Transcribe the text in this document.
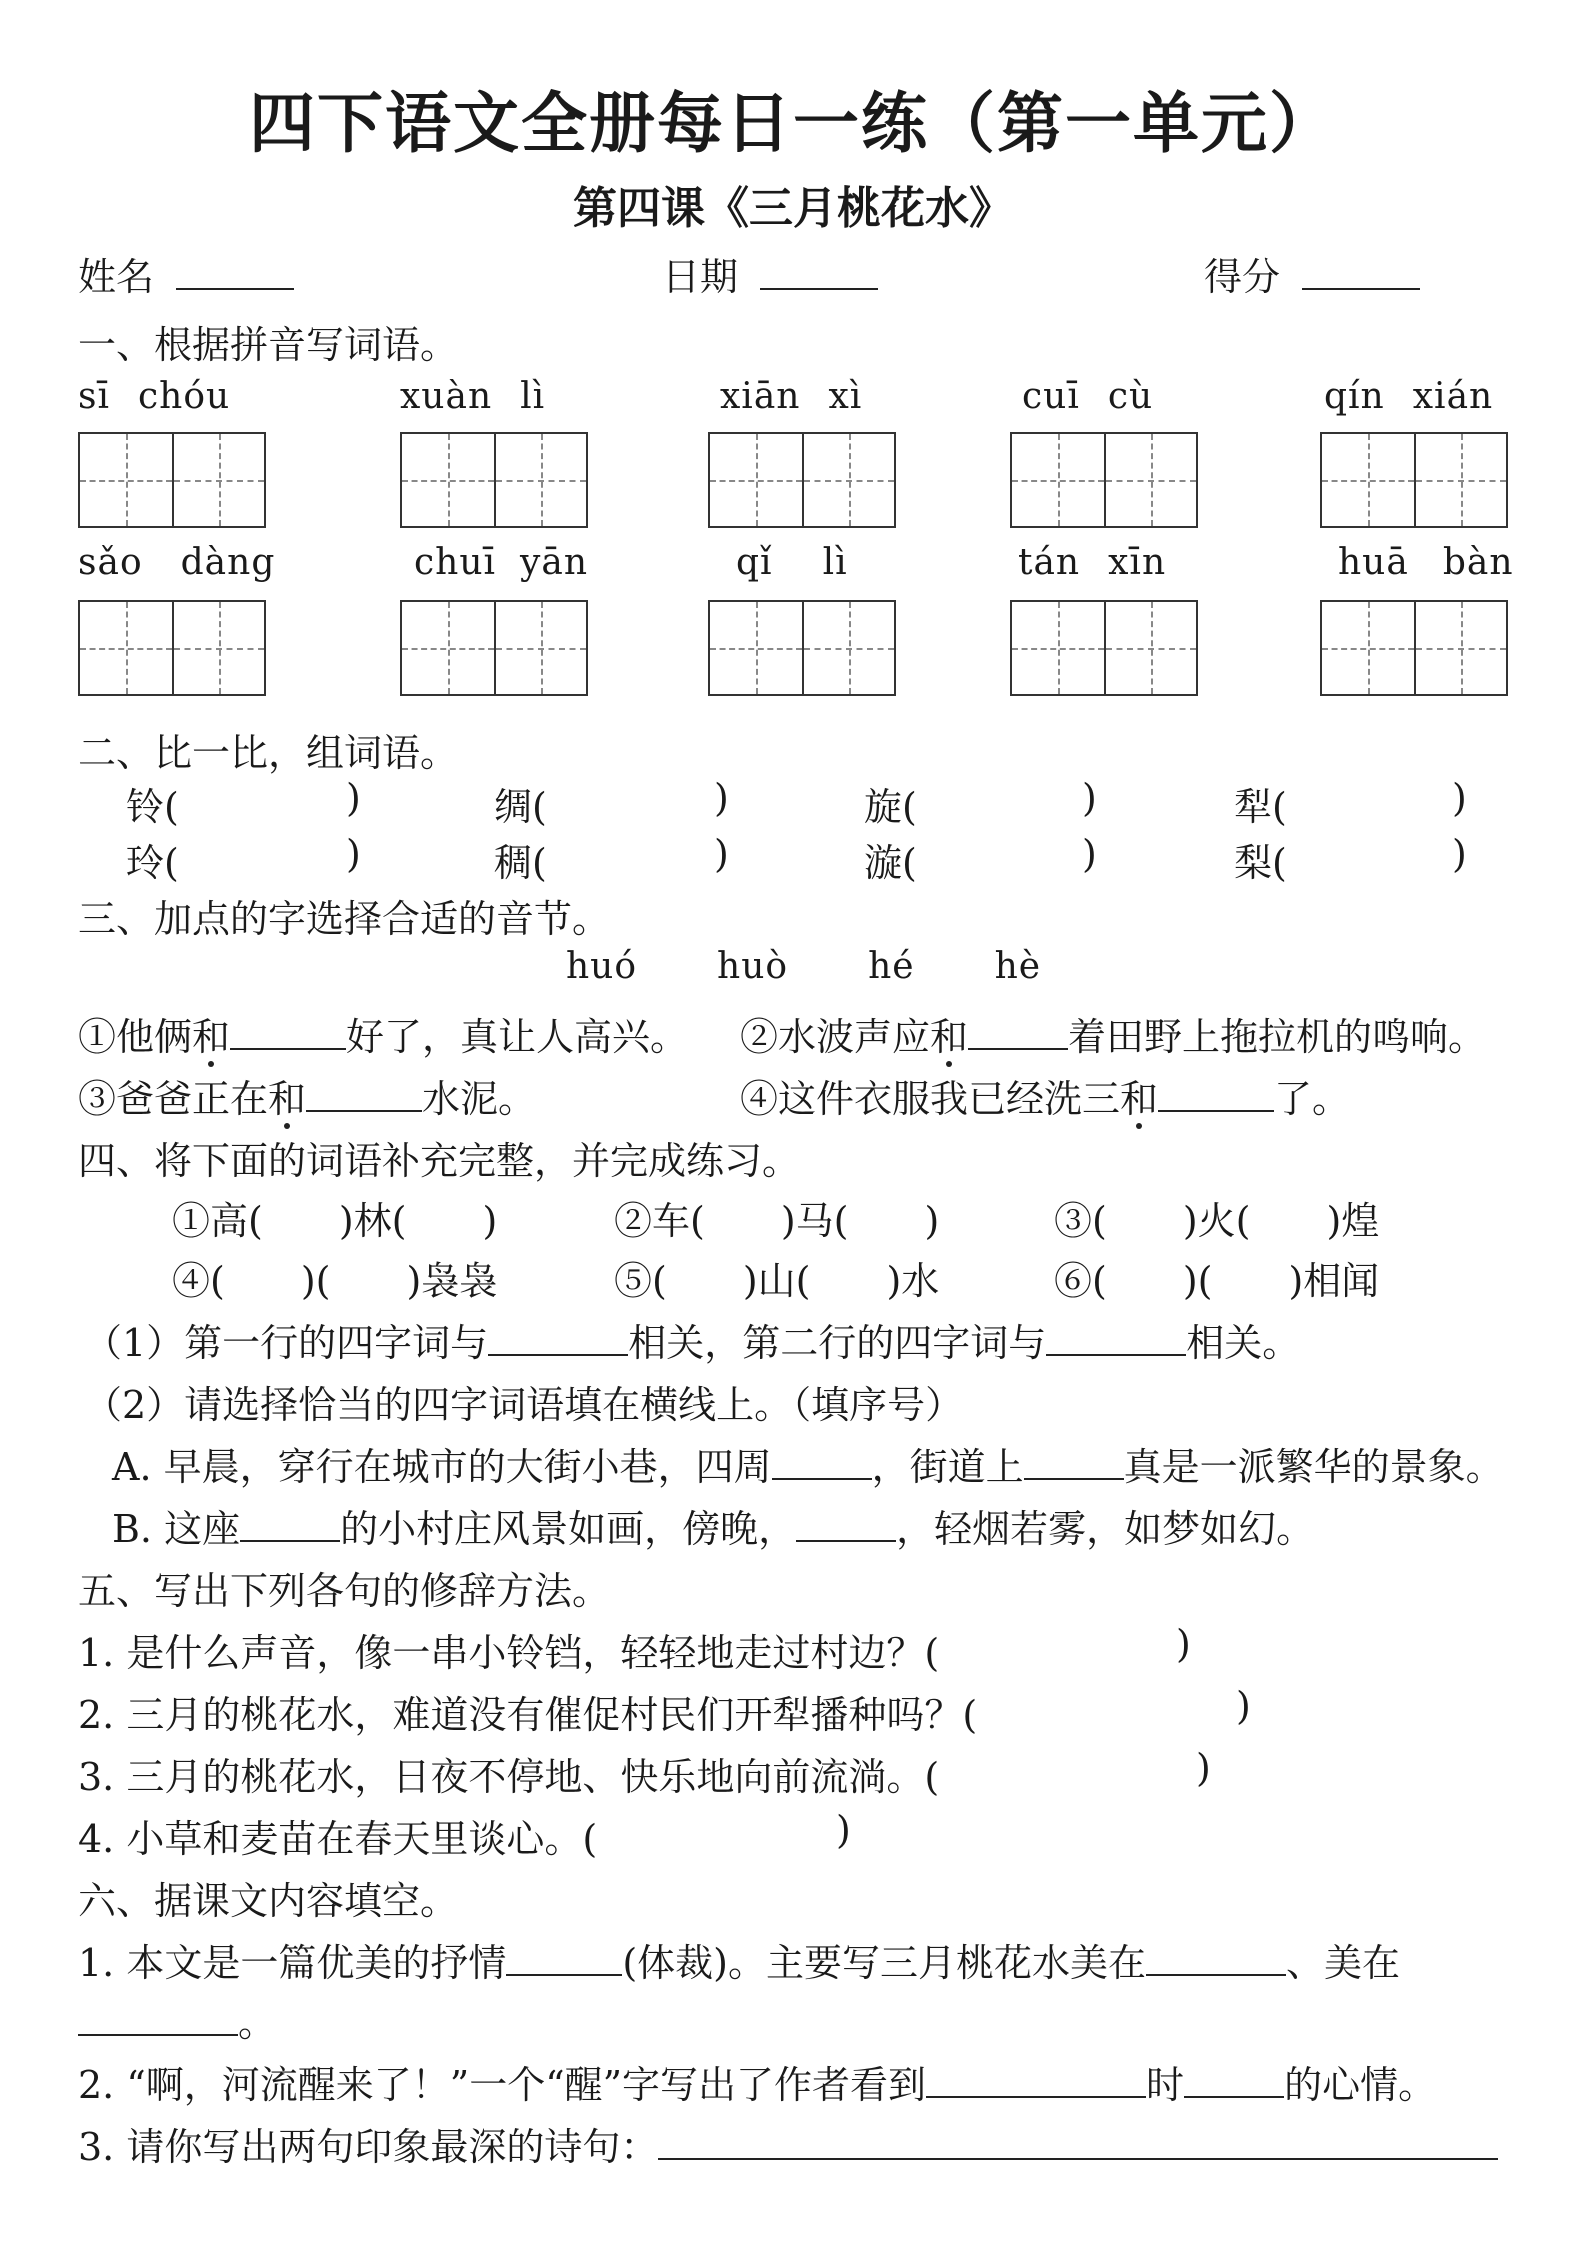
四下语文全册每日一练（第一单元）
第四课《三月桃花水》
姓名	日期	得分
一、根据拼音写词语。
sī chóu	xuàn lì	xiān xì	cuī cù	qín xián
sǎo dàng	chuī yān	qǐ lì	tán xīn	huā bàn
二、比一比，组词语。
铃(	)	绸(	)	旋(	)	犁(	)
玲(	)	稠(	)	漩(	)	梨(	)
三、加点的字选择合适的音节。
huó huò hé hè
①他俩和	好了，真让人高兴。 ②水波声应和	着田野上拖拉机的鸣响。
③爸爸正在和	水泥。	④这件衣服我已经洗三和	了。
四、将下面的词语补充完整，并完成练习。
①高(　　)林(　　)	②车(　　)马(　　)	③(　　)火(　　)煌
④(　　)(　　)袅袅	⑤(　　)山(　　)水	⑥(　　)(　　)相闻
（1）第一行的四字词与	相关，第二行的四字词与	相关。
（2）请选择恰当的四字词语填在横线上。（填序号）
A. 早晨，穿行在城市的大街小巷，四周	，街道上	真是一派繁华的景象。
B. 这座	的小村庄风景如画，傍晚，	，轻烟若雾，如梦如幻。
五、写出下列各句的修辞方法。
1. 是什么声音，像一串小铃铛，轻轻地走过村边？(	)
2. 三月的桃花水，难道没有催促村民们开犁播种吗？(	)
3. 三月的桃花水，日夜不停地、快乐地向前流淌。(	)
4. 小草和麦苗在春天里谈心。(	)
六、据课文内容填空。
1. 本文是一篇优美的抒情	(体裁)。主要写三月桃花水美在	、美在
。
2. “啊，河流醒来了！”一个“醒”字写出了作者看到	时	的心情。
3. 请你写出两句印象最深的诗句：
